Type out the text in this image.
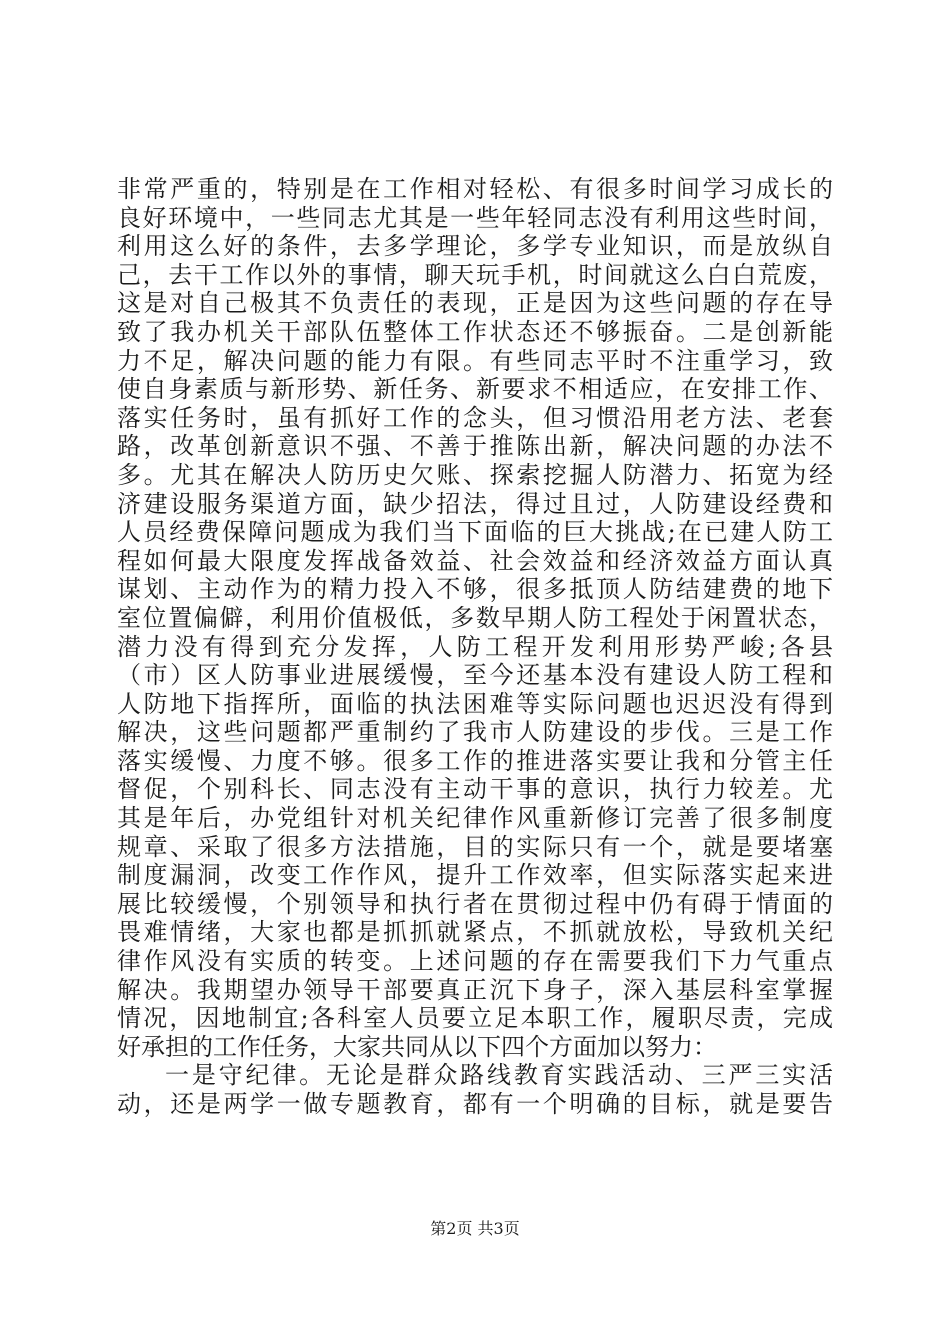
非常严重的，特别是在工作相对轻松、有很多时间学习成长的
良好环境中，一些同志尤其是一些年轻同志没有利用这些时间，
利用这么好的条件，去多学理论，多学专业知识，而是放纵自
己，去干工作以外的事情，聊天玩手机，时间就这么白白荒废，
这是对自己极其不负责任的表现，正是因为这些问题的存在导
致了我办机关干部队伍整体工作状态还不够振奋。二是创新能
力不足，解决问题的能力有限。有些同志平时不注重学习，致
使自身素质与新形势、新任务、新要求不相适应，在安排工作、
落实任务时，虽有抓好工作的念头，但习惯沿用老方法、老套
路，改革创新意识不强、不善于推陈出新，解决问题的办法不
多。尤其在解决人防历史欠账、探索挖掘人防潜力、拓宽为经
济建设服务渠道方面，缺少招法，得过且过，人防建设经费和
人员经费保障问题成为我们当下面临的巨大挑战;在已建人防工
程如何最大限度发挥战备效益、社会效益和经济效益方面认真
谋划、主动作为的精力投入不够，很多抵顶人防结建费的地下
室位置偏僻，利用价值极低，多数早期人防工程处于闲置状态，
潜力没有得到充分发挥，人防工程开发利用形势严峻;各县
（市）区人防事业进展缓慢，至今还基本没有建设人防工程和
人防地下指挥所，面临的执法困难等实际问题也迟迟没有得到
解决，这些问题都严重制约了我市人防建设的步伐。三是工作
落实缓慢、力度不够。很多工作的推进落实要让我和分管主任
督促，个别科长、同志没有主动干事的意识，执行力较差。尤
其是年后，办党组针对机关纪律作风重新修订完善了很多制度
规章、采取了很多方法措施，目的实际只有一个，就是要堵塞
制度漏洞，改变工作作风，提升工作效率，但实际落实起来进
展比较缓慢，个别领导和执行者在贯彻过程中仍有碍于情面的
畏难情绪，大家也都是抓抓就紧点，不抓就放松，导致机关纪
律作风没有实质的转变。上述问题的存在需要我们下力气重点
解决。我期望办领导干部要真正沉下身子，深入基层科室掌握
情况，因地制宜;各科室人员要立足本职工作，履职尽责，完成
好承担的工作任务，大家共同从以下四个方面加以努力：
一是守纪律。无论是群众路线教育实践活动、三严三实活
动，还是两学一做专题教育，都有一个明确的目标，就是要告
第2页 共3页
